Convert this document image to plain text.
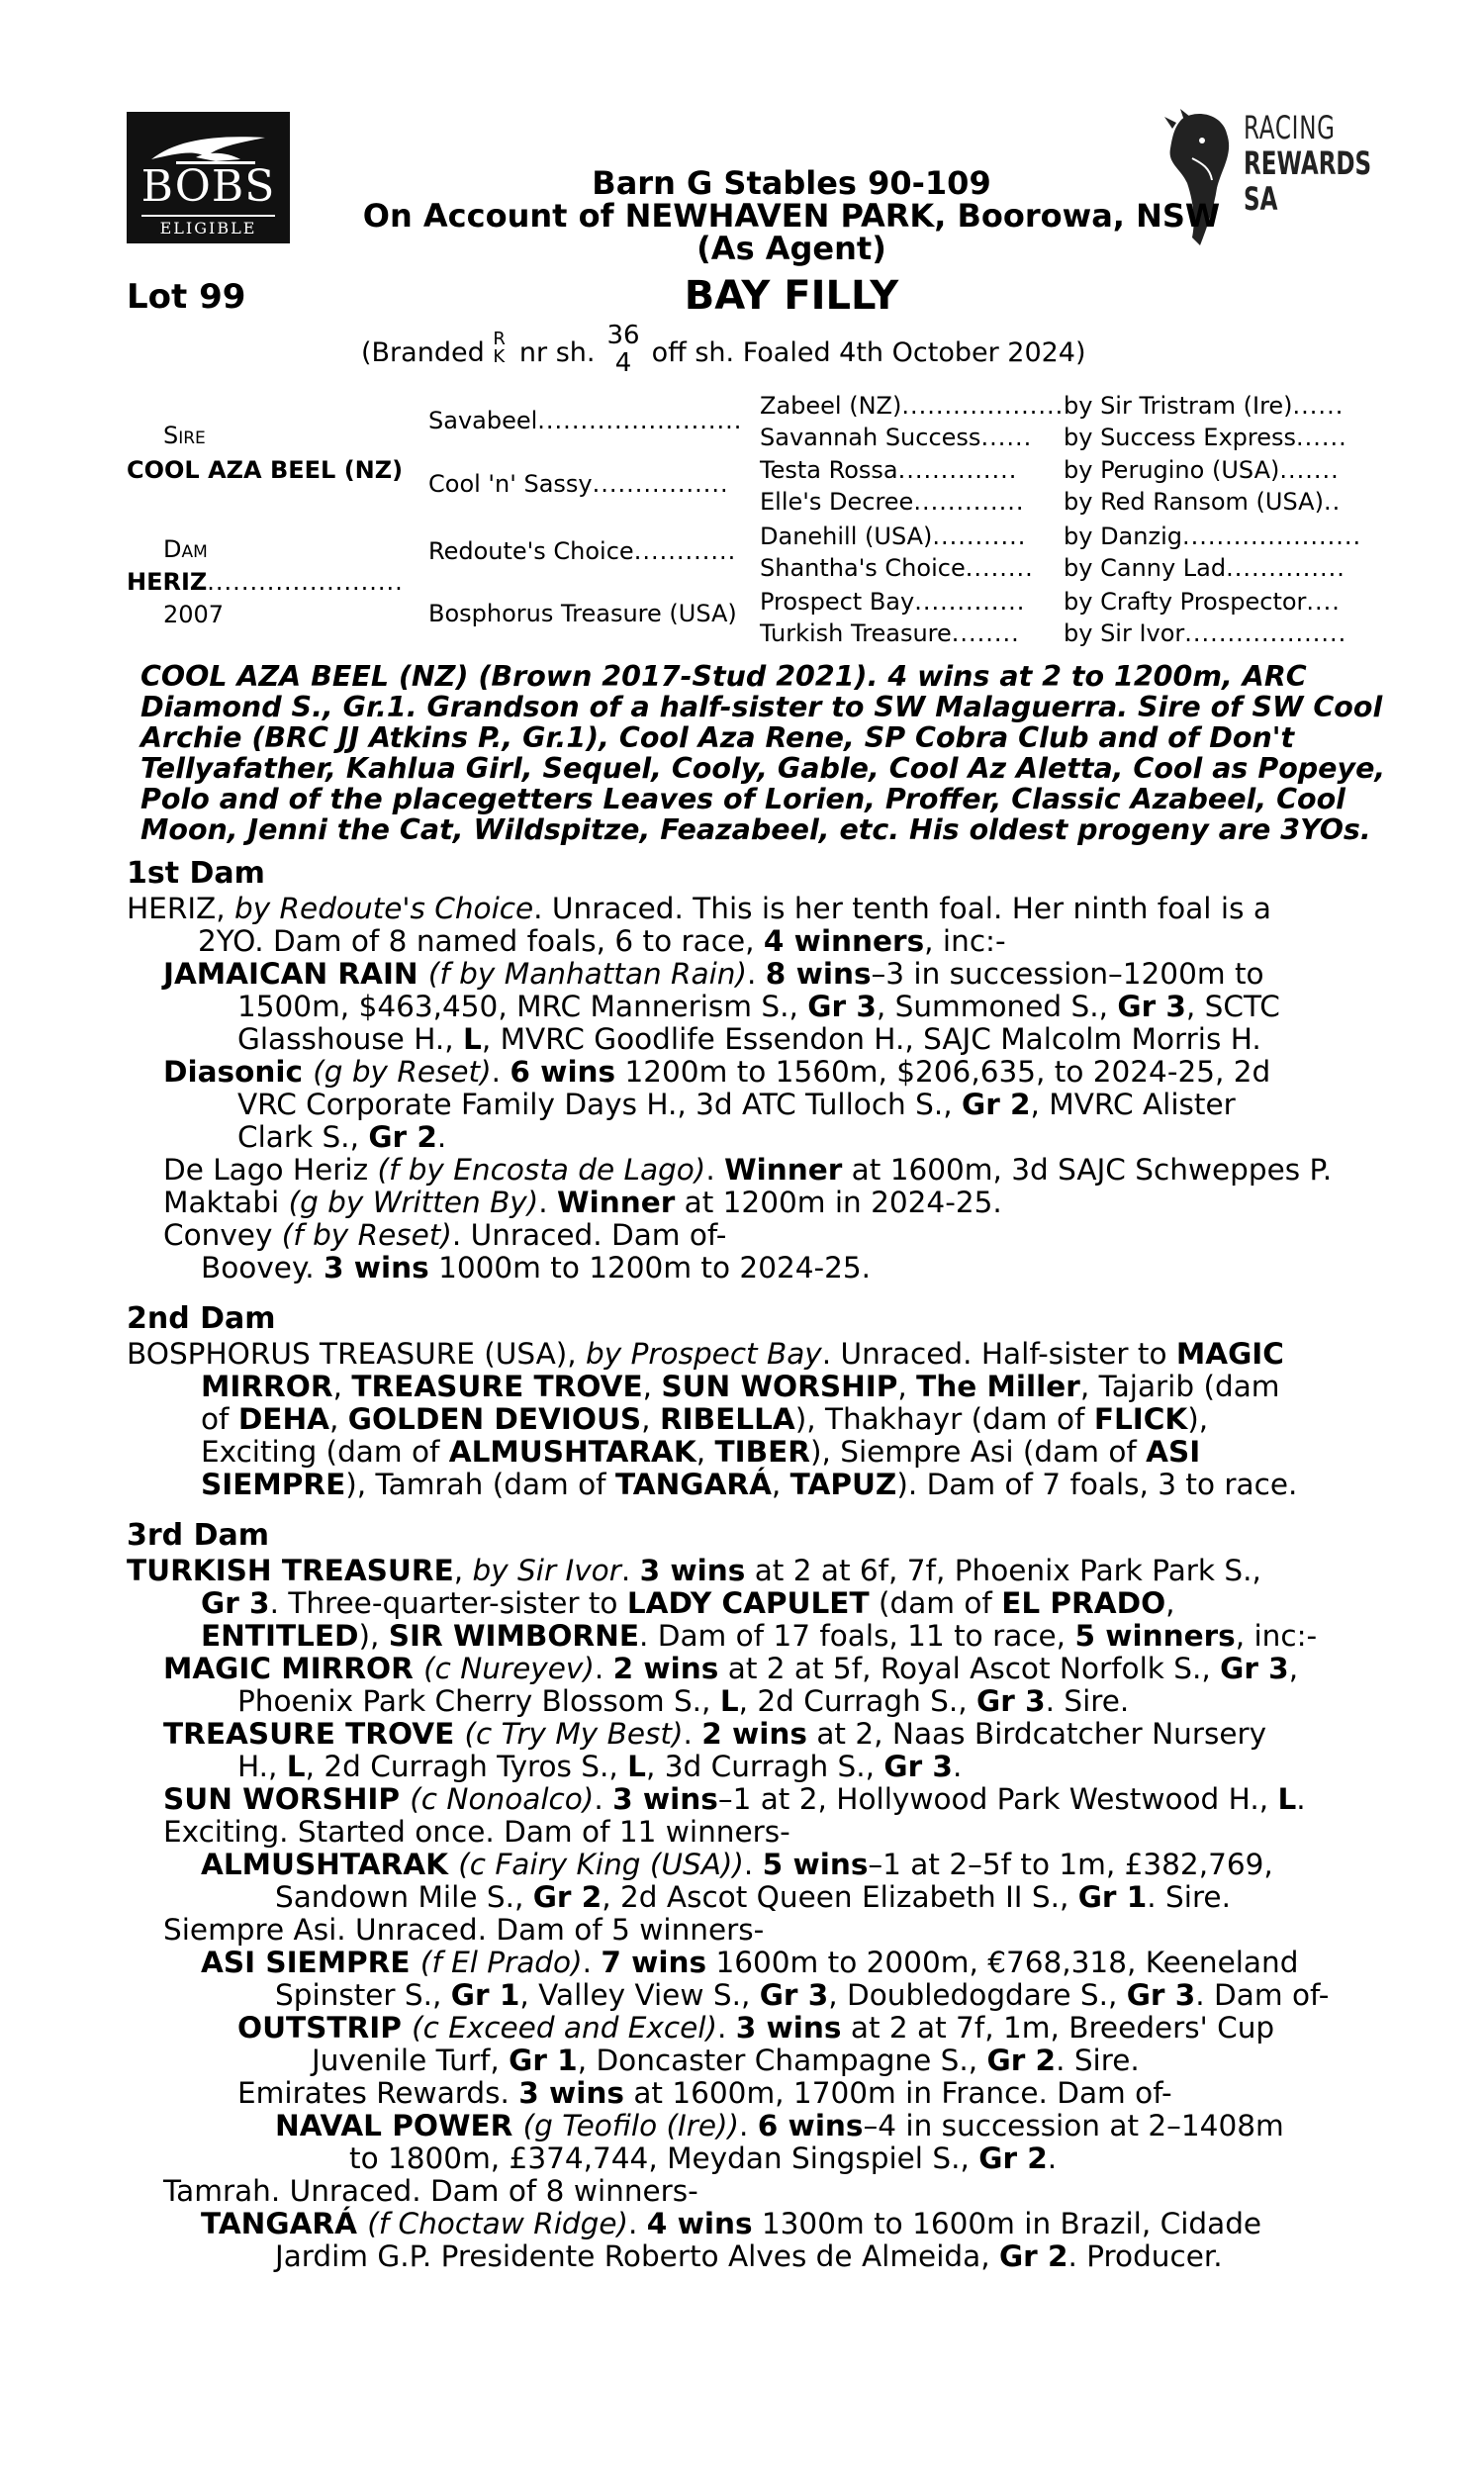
BOBS
ELIGIBLE
RACING
REWARDS
SA
Barn G Stables 90-109
On Account of NEWHAVEN PARK, Boorowa, NSW
(As Agent)
Lot 99	BAY FILLY
(Branded R
K nr sh.
36
4 off sh. Foaled 4th October 2024)
Sire
COOL AZA BEEL (NZ)
Dam
HERIZ.......................
2007
Savabeel........................
Cool 'n' Sassy................
Redoute's Choice............
Bosphorus Treasure (USA)
Zabeel (NZ)...................
Savannah Success......
Testa Rossa..............
Elle's Decree.............
Danehill (USA)...........
Shantha's Choice........
Prospect Bay.............
Turkish Treasure........
by Sir Tristram (Ire)......
by Success Express......
by Perugino (USA).......
by Red Ransom (USA)..
by Danzig.....................
by Canny Lad..............
by Crafty Prospector....
by Sir Ivor...................
COOL AZA BEEL (NZ) (Brown 2017-Stud 2021). 4 wins at 2 to 1200m, ARC
Diamond S., Gr.1. Grandson of a half-sister to SW Malaguerra. Sire of SW Cool
Archie (BRC JJ Atkins P., Gr.1), Cool Aza Rene, SP Cobra Club and of Don't
Tellyafather, Kahlua Girl, Sequel, Cooly, Gable, Cool Az Aletta, Cool as Popeye,
Polo and of the placegetters Leaves of Lorien, Proffer, Classic Azabeel, Cool
Moon, Jenni the Cat, Wildspitze, Feazabeel, etc. His oldest progeny are 3YOs.
1st Dam
HERIZ, by Redoute's Choice. Unraced. This is her tenth foal. Her ninth foal is a
2YO. Dam of 8 named foals, 6 to race, 4 winners, inc:-
JAMAICAN RAIN (f by Manhattan Rain). 8 wins–3 in succession–1200m to
1500m, $463,450, MRC Mannerism S., Gr 3, Summoned S., Gr 3, SCTC
Glasshouse H., L, MVRC Goodlife Essendon H., SAJC Malcolm Morris H.
Diasonic (g by Reset). 6 wins 1200m to 1560m, $206,635, to 2024-25, 2d
VRC Corporate Family Days H., 3d ATC Tulloch S., Gr 2, MVRC Alister
Clark S., Gr 2.
De Lago Heriz (f by Encosta de Lago). Winner at 1600m, 3d SAJC Schweppes P.
Maktabi (g by Written By). Winner at 1200m in 2024-25.
Convey (f by Reset). Unraced. Dam of-
Boovey. 3 wins 1000m to 1200m to 2024-25.
2nd Dam
BOSPHORUS TREASURE (USA), by Prospect Bay. Unraced. Half-sister to MAGIC
MIRROR, TREASURE TROVE, SUN WORSHIP, The Miller, Tajarib (dam
of DEHA, GOLDEN DEVIOUS, RIBELLA), Thakhayr (dam of FLICK),
Exciting (dam of ALMUSHTARAK, TIBER), Siempre Asi (dam of ASI
SIEMPRE), Tamrah (dam of TANGARÁ, TAPUZ). Dam of 7 foals, 3 to race.
3rd Dam
TURKISH TREASURE, by Sir Ivor. 3 wins at 2 at 6f, 7f, Phoenix Park Park S.,
Gr 3. Three-quarter-sister to LADY CAPULET (dam of EL PRADO,
ENTITLED), SIR WIMBORNE. Dam of 17 foals, 11 to race, 5 winners, inc:-
MAGIC MIRROR (c Nureyev). 2 wins at 2 at 5f, Royal Ascot Norfolk S., Gr 3,
Phoenix Park Cherry Blossom S., L, 2d Curragh S., Gr 3. Sire.
TREASURE TROVE (c Try My Best). 2 wins at 2, Naas Birdcatcher Nursery
H., L, 2d Curragh Tyros S., L, 3d Curragh S., Gr 3.
SUN WORSHIP (c Nonoalco). 3 wins–1 at 2, Hollywood Park Westwood H., L.
Exciting. Started once. Dam of 11 winners-
ALMUSHTARAK (c Fairy King (USA)). 5 wins–1 at 2–5f to 1m, £382,769,
Sandown Mile S., Gr 2, 2d Ascot Queen Elizabeth II S., Gr 1. Sire.
Siempre Asi. Unraced. Dam of 5 winners-
ASI SIEMPRE (f El Prado). 7 wins 1600m to 2000m, €768,318, Keeneland
Spinster S., Gr 1, Valley View S., Gr 3, Doubledogdare S., Gr 3. Dam of-
OUTSTRIP (c Exceed and Excel). 3 wins at 2 at 7f, 1m, Breeders' Cup
Juvenile Turf, Gr 1, Doncaster Champagne S., Gr 2. Sire.
Emirates Rewards. 3 wins at 1600m, 1700m in France. Dam of-
NAVAL POWER (g Teofilo (Ire)). 6 wins–4 in succession at 2–1408m
to 1800m, £374,744, Meydan Singspiel S., Gr 2.
Tamrah. Unraced. Dam of 8 winners-
TANGARÁ (f Choctaw Ridge). 4 wins 1300m to 1600m in Brazil, Cidade
Jardim G.P. Presidente Roberto Alves de Almeida, Gr 2. Producer.
